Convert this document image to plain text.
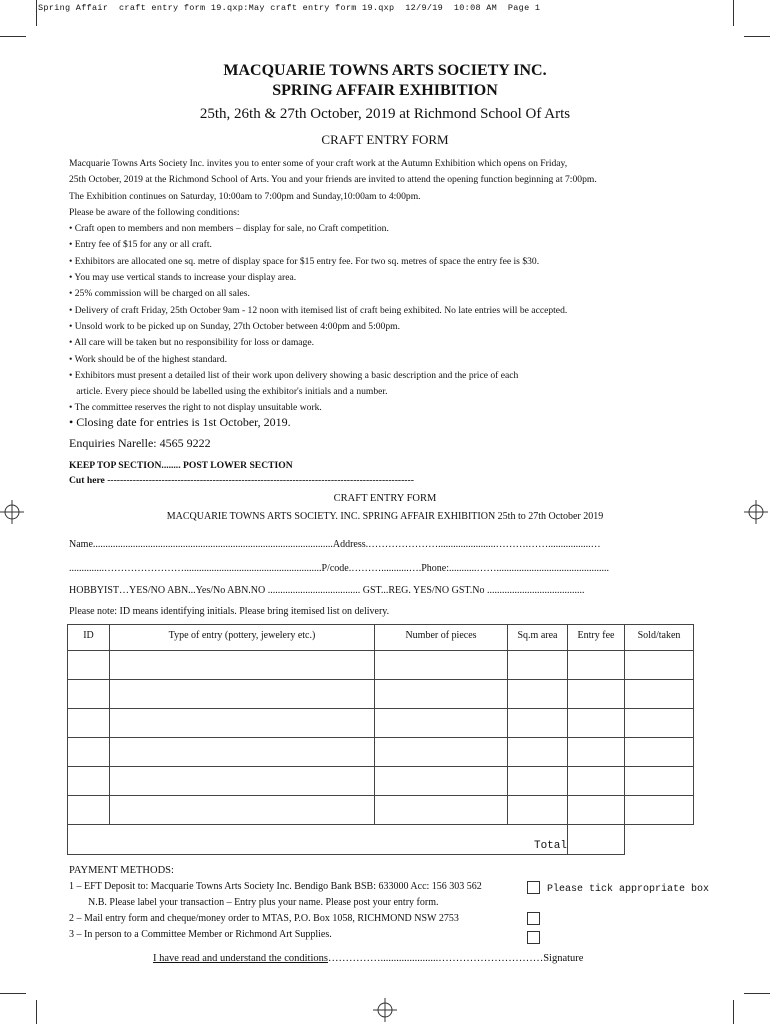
Spring Affair  craft entry form 19.qxp:May craft entry form 19.qxp  12/9/19  10:08 AM  Page 1
MACQUARIE TOWNS ARTS SOCIETY INC.
SPRING AFFAIR EXHIBITION
25th, 26th & 27th October, 2019 at Richmond School Of Arts
CRAFT ENTRY FORM

Macquarie Towns Arts Society Inc. invites you to enter some of your craft work at the Autumn Exhibition which opens on Friday,

25th October, 2019 at the Richmond School of Arts. You and your friends are invited to attend the opening function beginning at 7:00pm.

The Exhibition continues on Saturday, 10:00am to 7:00pm and Sunday,10:00am to 4:00pm.

Please be aware of the following conditions:

• Craft open to members and non members – display for sale, no Craft competition.

• Entry fee of $15 for any or all craft.

• Exhibitors are allocated one sq. metre of display space for $15 entry fee. For two sq. metres of space the entry fee is $30.

• You may use vertical stands to increase your display area.

• 25% commission will be charged on all sales.

• Delivery of craft Friday, 25th October 9am - 12 noon with itemised list of craft being exhibited. No late entries will be accepted.

• Unsold work to be picked up on Sunday, 27th October between 4:00pm and 5:00pm.

• All care will be taken but no responsibility for loss or damage.

• Work should be of the highest standard.

• Exhibitors must present a detailed list of their work upon delivery showing a basic description and the price of each

article. Every piece should be labelled using the exhibitor's initials and a number.

• The committee reserves the right to not display unsuitable work.

• Closing date for entries is 1st October, 2019.
Enquiries Narelle: 4565 9222
KEEP TOP SECTION........ POST LOWER SECTION
Cut here ------------------------------------------------------------------------------------------------
CRAFT ENTRY FORM
MACQUARIE TOWNS ARTS SOCIETY. INC. SPRING AFFAIR EXHIBITION 25th to 27th October 2019
Name................................................................................................Address.………………….......................……….…….................…
..............…………………….......................................................P/code.………...........….Phone:...........…….............................................
HOBBYIST…YES/NO ABN...Yes/No ABN.NO ..................................... GST...REG. YES/NO GST.No .......................................
Please note: ID means identifying initials. Please bring itemised list on delivery.
ID	Type of entry (pottery, jewelery etc.)	Number of pieces	Sq.m area	Entry fee	Sold/taken

Total					
PAYMENT METHODS:
1 – EFT Deposit to: Macquarie Towns Arts Society Inc. Bendigo Bank BSB: 633000 Acc: 156 303 562
N.B. Please label your transaction – Entry plus your name. Please post your entry form.
2 – Mail entry form and cheque/money order to MTAS, P.O. Box 1058, RICHMOND NSW 2753
3 – In person to a Committee Member or Richmond Art Supplies.
Please tick appropriate box
I have read and understand the conditions……………......................…………………………Signature
